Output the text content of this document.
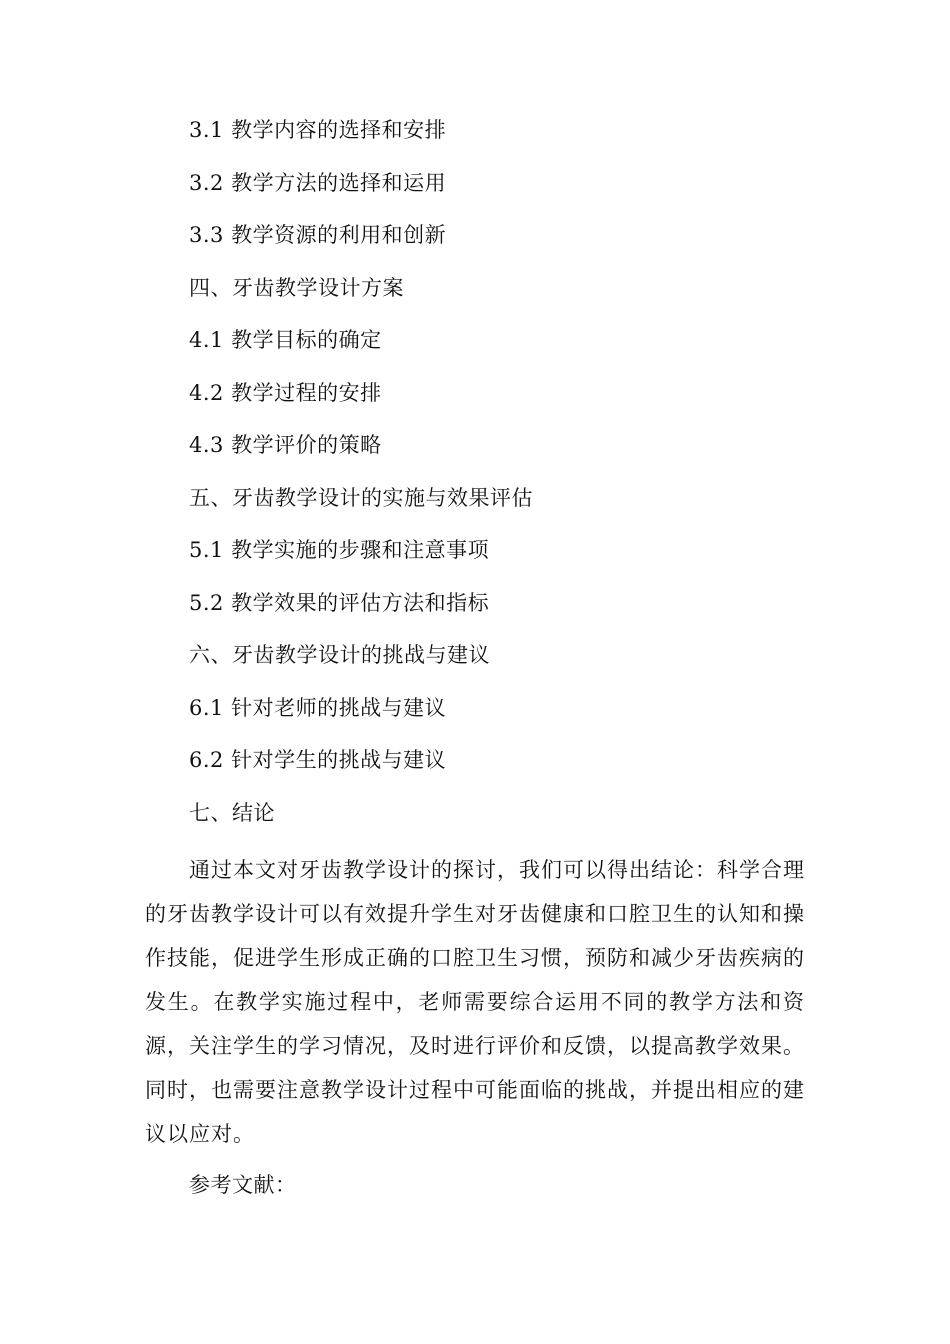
3.1 教学内容的选择和安排
3.2 教学方法的选择和运用
3.3 教学资源的利用和创新
四、牙齿教学设计方案
4.1 教学目标的确定
4.2 教学过程的安排
4.3 教学评价的策略
五、牙齿教学设计的实施与效果评估
5.1 教学实施的步骤和注意事项
5.2 教学效果的评估方法和指标
六、牙齿教学设计的挑战与建议
6.1 针对老师的挑战与建议
6.2 针对学生的挑战与建议
七、结论
通过本文对牙齿教学设计的探讨，我们可以得出结论：科学合理的牙齿教学设计可以有效提升学生对牙齿健康和口腔卫生的认知和操作技能，促进学生形成正确的口腔卫生习惯，预防和减少牙齿疾病的发生。在教学实施过程中，老师需要综合运用不同的教学方法和资源，关注学生的学习情况，及时进行评价和反馈，以提高教学效果。同时，也需要注意教学设计过程中可能面临的挑战，并提出相应的建议以应对。
参考文献：
